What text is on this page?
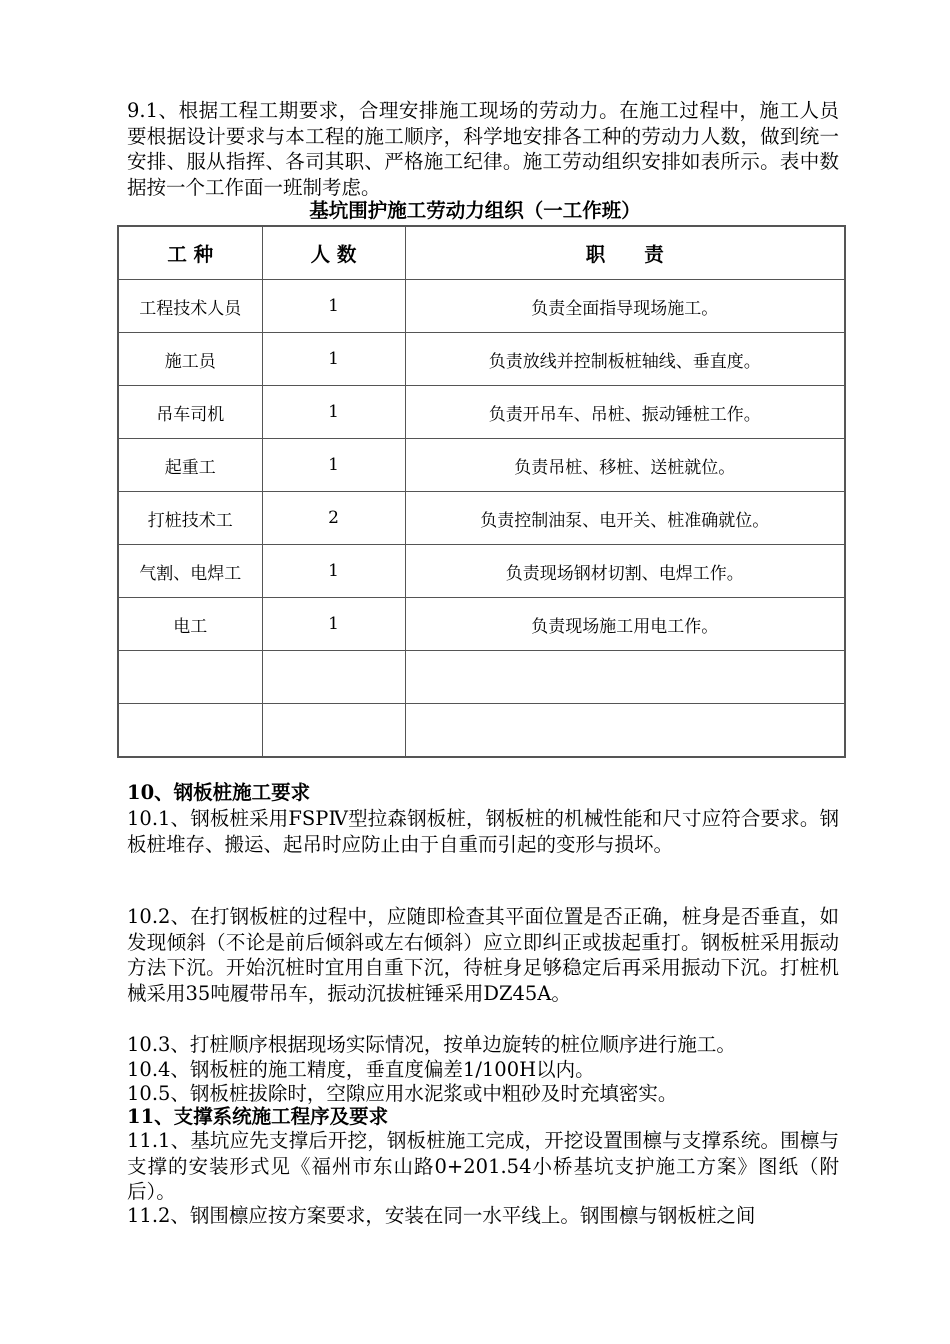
9.1、根据工程工期要求，合理安排施工现场的劳动力。在施工过程中，施工人员要根据设计要求与本工程的施工顺序，科学地安排各工种的劳动力人数，做到统一安排、服从指挥、各司其职、严格施工纪律。施工劳动组织安排如表所示。表中数据按一个工作面一班制考虑。
基坑围护施工劳动力组织（一工作班）
工 种	人 数	职　　责
工程技术人员	1	负责全面指导现场施工。
施工员	1	负责放线并控制板桩轴线、垂直度。
吊车司机	1	负责开吊车、吊桩、振动锤桩工作。
起重工	1	负责吊桩、移桩、送桩就位。
打桩技术工	2	负责控制油泵、电开关、桩准确就位。
气割、电焊工	1	负责现场钢材切割、电焊工作。
电工	1	负责现场施工用电工作。

10、钢板桩施工要求
10.1、钢板桩采用FSPⅣ型拉森钢板桩，钢板桩的机械性能和尺寸应符合要求。钢板桩堆存、搬运、起吊时应防止由于自重而引起的变形与损坏。
10.2、在打钢板桩的过程中，应随即检查其平面位置是否正确，桩身是否垂直，如发现倾斜（不论是前后倾斜或左右倾斜）应立即纠正或拔起重打。钢板桩采用振动方法下沉。开始沉桩时宜用自重下沉，待桩身足够稳定后再采用振动下沉。打桩机械采用35吨履带吊车，振动沉拔桩锤采用DZ45A。
10.3、打桩顺序根据现场实际情况，按单边旋转的桩位顺序进行施工。
10.4、钢板桩的施工精度，垂直度偏差1/100H以内。
10.5、钢板桩拔除时，空隙应用水泥浆或中粗砂及时充填密实。
11、支撑系统施工程序及要求
11.1、基坑应先支撑后开挖，钢板桩施工完成，开挖设置围檩与支撑系统。围檩与支撑的安装形式见《福州市东山路0+201.54小桥基坑支护施工方案》图纸（附后）。
11.2、钢围檩应按方案要求，安装在同一水平线上。钢围檩与钢板桩之间
